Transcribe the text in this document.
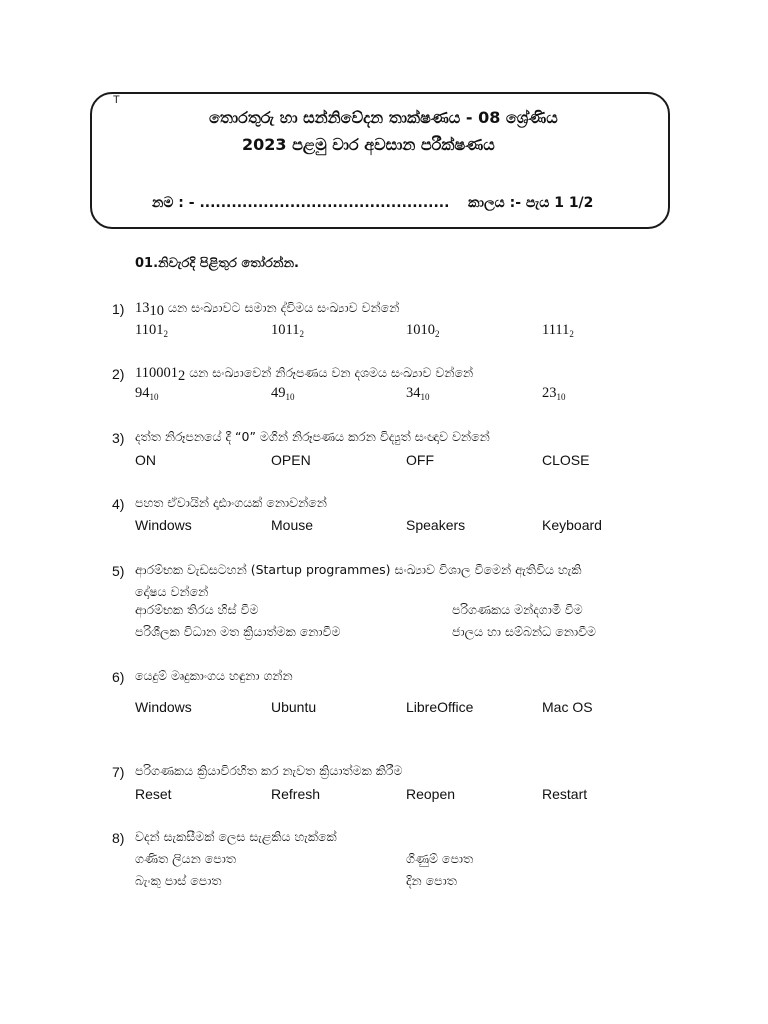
T
තොරතුරු හා සන්නිවේදන තාක්ෂණය - 08 ශ්‍රේණිය
2023 පළමු වාර අවසාන පරීක්ෂණය
නම : - ............................................... කාලය :- පැය 1 1/2
01.නිවැරදි පිළිතුර තෝරන්න.
1) $13_{10}$ යන සංඛ්‍යාවට සමාන ද්විමය සංඛ්‍යාව වන්නේ
$1101_2$	$1011_2$	$1010_2$	$1111_2$
2) $110001_2$ යන සංඛ්‍යාවෙන් නිරූපණය වන දශමය සංඛ්‍යාව වන්නේ
$94_{10}$	$49_{10}$	$34_{10}$	$23_{10}$
3) දත්ත නිරූපනයේ දී “0” මගින් නිරූපණය කරන විද්‍යුත් සංඥාව වන්නේ
ON	OPEN	OFF	CLOSE
4) පහත ඒවායින් දෘඪාංගයක් නොවන්නේ
Windows	Mouse	Speakers	Keyboard
5) ආරම්භක වැඩසටහන් (Startup programmes) සංඛ්‍යාව විශාල වීමෙන් ඇතිවිය හැකි
දෝෂය වන්නේ
ආරම්භක තිරය හිස් වීම	පරිගණකය මන්දගාමී වීම
පරිශීලක විධාන මත ක්‍රියාත්මක නොවීම	ජාලය හා සම්බන්ධ නොවීම
6) යෙදුම් මෘදුකාංගය හඳුනා ගන්න
Windows	Ubuntu	LibreOffice	Mac OS
7) පරිගණකය ක්‍රියාවිරහිත කර නැවත ක්‍රියාත්මක කිරීම
Reset	Refresh	Reopen	Restart
8) වදන් සැකසීමක් ලෙස සැළකිය හැක්කේ
ගණිත ලියන පොත	ගිණුම් පොත
බැංකු පාස් පොත	දින පොත
